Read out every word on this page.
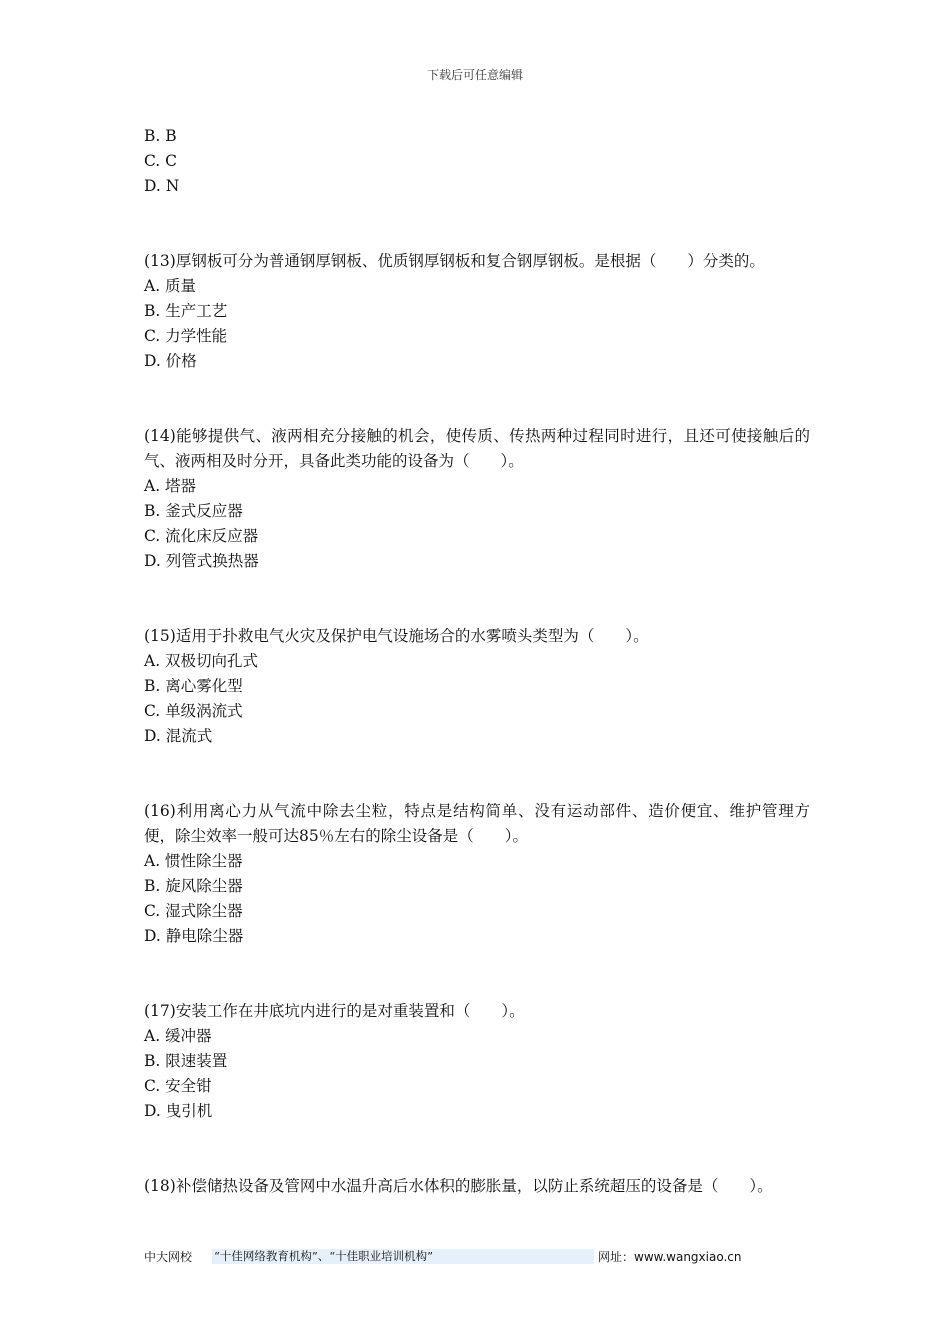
下载后可任意编辑
B. B
C. C
D. N
(13)厚钢板可分为普通钢厚钢板、优质钢厚钢板和复合钢厚钢板。是根据（　　）分类的。
A. 质量
B. 生产工艺
C. 力学性能
D. 价格
(14)能够提供气、液两相充分接触的机会，使传质、传热两种过程同时进行，且还可使接触后的气、液两相及时分开，具备此类功能的设备为（　　）。
A. 塔器
B. 釜式反应器
C. 流化床反应器
D. 列管式换热器
(15)适用于扑救电气火灾及保护电气设施场合的水雾喷头类型为（　　）。
A. 双极切向孔式
B. 离心雾化型
C. 单级涡流式
D. 混流式
(16)利用离心力从气流中除去尘粒，特点是结构简单、没有运动部件、造价便宜、维护管理方便，除尘效率一般可达85％左右的除尘设备是（　　）。
A. 惯性除尘器
B. 旋风除尘器
C. 湿式除尘器
D. 静电除尘器
(17)安装工作在井底坑内进行的是对重装置和（　　）。
A. 缓冲器
B. 限速装置
C. 安全钳
D. 曳引机
(18)补偿储热设备及管网中水温升高后水体积的膨胀量，以防止系统超压的设备是（　　）。
中大网校 “十佳网络教育机构”、“十佳职业培训机构”	网址：www.wangxiao.cn
